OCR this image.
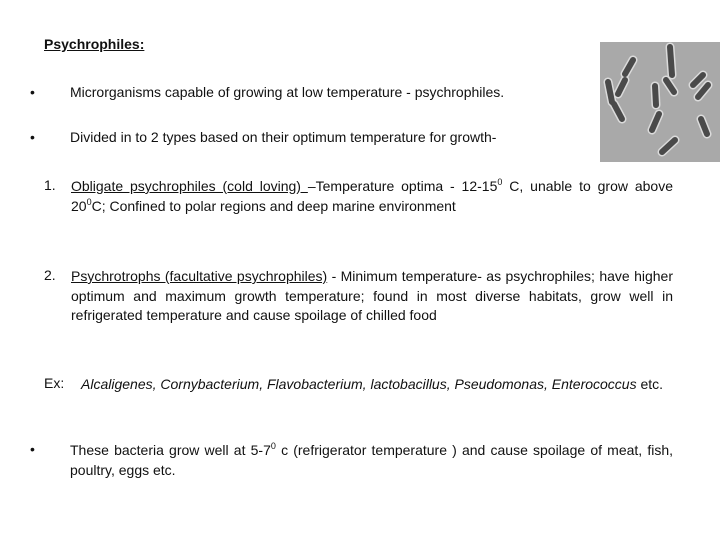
Psychrophiles:
•	Microrganisms capable of growing at low temperature - psychrophiles.
•	Divided in to 2 types based on their optimum temperature for growth-
1. Obligate psychrophiles (cold loving) –Temperature optima - $12-15^0$ C, unable to grow above $20^0C$; Confined to polar regions and deep marine environment
2. Psychrotrophs (facultative psychrophiles) - Minimum temperature- as psychrophiles; have higher optimum and maximum growth temperature; found in most diverse habitats, grow well in refrigerated temperature and cause spoilage of chilled food
Ex:	Alcaligenes, Cornybacterium, Flavobacterium, lactobacillus, Pseudomonas, Enterococcus etc.
•	These bacteria grow well at $5-7^0$ c (refrigerator temperature ) and cause spoilage of meat, fish, poultry, eggs etc.
